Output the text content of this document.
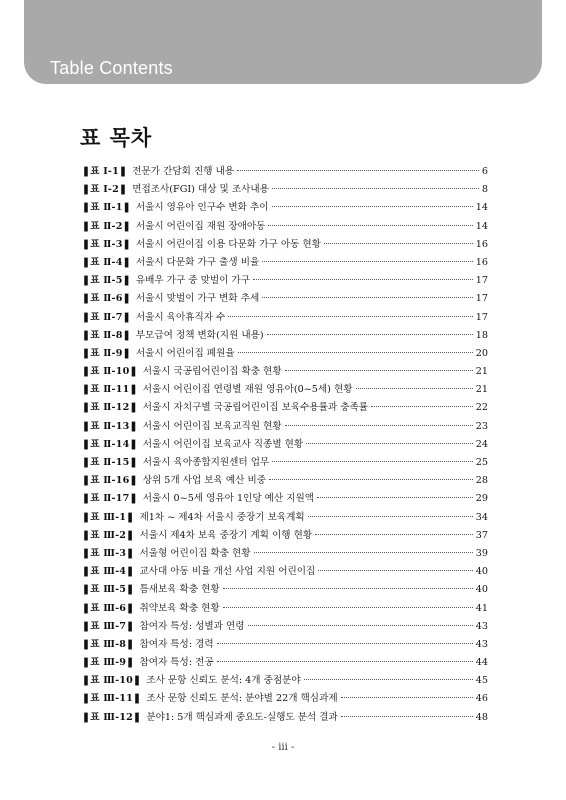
Table Contents
표 목차
❚표 Ⅰ-1❚ 전문가 간담회 진행 내용	6
❚표 Ⅰ-2❚ 면접조사(FGI) 대상 및 조사내용	8
❚표 Ⅱ-1❚ 서울시 영유아 인구수 변화 추이	14
❚표 Ⅱ-2❚ 서울시 어린이집 재원 장애아동	14
❚표 Ⅱ-3❚ 서울시 어린이집 이용 다문화 가구 아동 현황	16
❚표 Ⅱ-4❚ 서울시 다문화 가구 출생 비율	16
❚표 Ⅱ-5❚ 유배우 가구 중 맞벌이 가구	17
❚표 Ⅱ-6❚ 서울시 맞벌이 가구 변화 추세	17
❚표 Ⅱ-7❚ 서울시 육아휴직자 수	17
❚표 Ⅱ-8❚ 부모급여 정책 변화(지원 내용)	18
❚표 Ⅱ-9❚ 서울시 어린이집 폐원율	20
❚표 Ⅱ-10❚ 서울시 국공립어린이집 확충 현황	21
❚표 Ⅱ-11❚ 서울시 어린이집 연령별 재원 영유아(0~5세) 현황	21
❚표 Ⅱ-12❚ 서울시 자치구별 국공립어린이집 보육수용률과 충족률	22
❚표 Ⅱ-13❚ 서울시 어린이집 보육교직원 현황	23
❚표 Ⅱ-14❚ 서울시 어린이집 보육교사 직종별 현황	24
❚표 Ⅱ-15❚ 서울시 육아종합지원센터 업무	25
❚표 Ⅱ-16❚ 상위 5개 사업 보육 예산 비중	28
❚표 Ⅱ-17❚ 서울시 0~5세 영유아 1인당 예산 지원액	29
❚표 Ⅲ-1❚ 제1차 ~ 제4차 서울시 중장기 보육계획	34
❚표 Ⅲ-2❚ 서울시 제4차 보육 중장기 계획 이행 현황	37
❚표 Ⅲ-3❚ 서울형 어린이집 확충 현황	39
❚표 Ⅲ-4❚ 교사대 아동 비율 개선 사업 지원 어린이집	40
❚표 Ⅲ-5❚ 틈새보육 확충 현황	40
❚표 Ⅲ-6❚ 취약보육 확충 현황	41
❚표 Ⅲ-7❚ 참여자 특성: 성별과 연령	43
❚표 Ⅲ-8❚ 참여자 특성: 경력	43
❚표 Ⅲ-9❚ 참여자 특성: 전공	44
❚표 Ⅲ-10❚ 조사 문항 신뢰도 분석: 4개 중점분야	45
❚표 Ⅲ-11❚ 조사 문항 신뢰도 분석: 분야별 22개 핵심과제	46
❚표 Ⅲ-12❚ 분야1: 5개 핵심과제 중요도-실행도 분석 결과	48
- iii -
